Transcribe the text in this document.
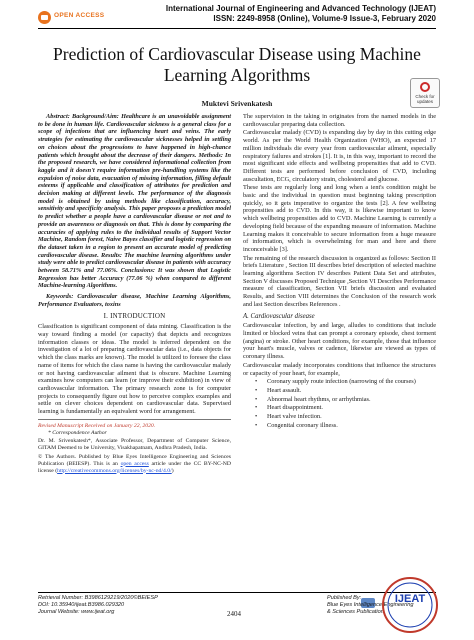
OPEN ACCESS
International Journal of Engineering and Advanced Technology (IJEAT)
ISSN: 2249-8958 (Online), Volume-9 Issue-3, February 2020
Prediction of Cardiovascular Disease using Machine Learning Algorithms
Check for updates
Muktevi Srivenkatesh

Abstract: Background/Aim: Healthcare is an unavoidable assignment to be done in human life. Cardiovascular sickness is a general class for a scope of infections that are influencing heart and veins. The early strategies for estimating the cardiovascular sicknesses helped in settling on choices about the progressions to have happened in high-chance patients which brought about the decrease of their dangers. Methods: In the proposed research, we have considered informational collection from kaggle and it doesn't require information pre-handling systems like the expulsion of noise data, evacuation of missing information, filling default esteems if applicable and classification of attributes for prediction and decision making at different levels. The performance of the diagnosis model is obtained by using methods like classification, accuracy, sensitivity and specificity analysis. This paper proposes a prediction model to predict whether a people have a cardiovascular disease or not and to provide an awareness or diagnosis on that. This is done by comparing the accuracies of applying rules to the individual results of Support Vector Machine, Random forest, Naive Bayes classifier and logistic regression on the dataset taken in a region to present an accurate model of predicting cardiovascular disease. Results: The machine learning algorithms under study were able to predict cardiovascular disease in patients with accuracy between 58.71% and 77.06%. Conclusions: It was shown that Logistic Regression has better Accuracy (77.06 %) when compared to different Machine-learning Algorithms.

Keywords: Cardiovascular disease, Machine Learning Algorithms, Performance Evaluators, toxins

I. INTRODUCTION

Classification is significant component of data mining. Classification is the way toward finding a model (or capacity) that depicts and recognizes information classes or ideas. The model is inferred dependent on the investigation of a lot of preparing cardiovascular data (i.e., data objects for which the class marks are known). The model is utilized to foresee the class name of items for which the class name is having the cardiovascular malady or not having cardiovascular ailment that is obscure. Machine Learning examines how computers can learn (or improve their exhibition) in view of cardiovascular information. The primary research zone is for computer projects to consequently figure out how to perceive complex examples and settle on clever choices dependent on cardiovascular data. Supervised learning is fundamentally an equivalent word for arrangement.

Revised Manuscript Received on January 22, 2020.
* Correspondence Author
Dr. M. Srivenkatesh*, Associate Professor, Department of Computer Science, GITAM Deemed to be University, Visakhapatnam, Andhra Pradesh, India.
© The Authors. Published by Blue Eyes Intelligence Engineering and Sciences Publication (BEIESP). This is an open access article under the CC BY-NC-ND license (http://creativecommons.org/licenses/by-nc-nd/4.0/)

The supervision in the taking in originates from the named models in the cardiovascular preparing data collection.

Cardiovascular malady (CVD) is expanding day by day in this cutting edge world. As per the World Health Organization (WHO), an expected 17 million individuals die every year from cardiovascular ailment, especially respiratory failures and strokes [1]. It is, in this way, important to record the most significant side effects and wellbeing propensities that add to CVD. Different tests are performed before conclusion of CVD, including auscultation, ECG, circulatory strain, cholesterol and glucose.

These tests are regularly long and long when a ient's condition might be basic and the individual in question must beginning taking prescription quickly, so it gets imperative to organize the tests [2]. A few wellbeing propensities add to CVD. In this way, it is likewise important to know which wellbeing propensities add to CVD. Machine Learning is currently a developing field because of the expanding measure of information. Machine Learning makes it conceivable to secure information from a huge measure of information, which is overwhelming for man and here and there inconceivable [3].

The remaining of the research discussion is organized as follows: Section II briefs Literature , Section III describes brief description of selected machine learning algorithms Section IV describes Patient Data Set and attributes, Section V discusses Proposed Technique ,Section VI Describes Performance measure of classification, Section VII briefs discussion and evaluated Results, and Section VIII determines the Conclusion of the research work and last Section describes References .

A. Cardiovascular disease

Cardiovascular infection, by and large, alludes to conditions that include limited or blocked veins that can prompt a coronary episode, chest torment (angina) or stroke. Other heart conditions, for example, those that influence your heart's muscle, valves or cadence, likewise are viewed as types of coronary illness.

Cardiovascular malady incorporates conditions that influence the structures or capacity of your heart, for example,

• Coronary supply route infection (narrowing of the courses)
• Heart assault.
• Abnormal heart rhythms, or arrhythmias.
• Heart disappointment.
• Heart valve infection.
• Congenital coronary illness.
Retrieval Number: B3986129219/2020©BEIESP
DOI: 10.35940/ijeat.B3986.029320
Journal Website: www.ijeat.org	2404
Published By:
Blue Eyes Intelligence Engineering
& Sciences Publication
IJEAT
